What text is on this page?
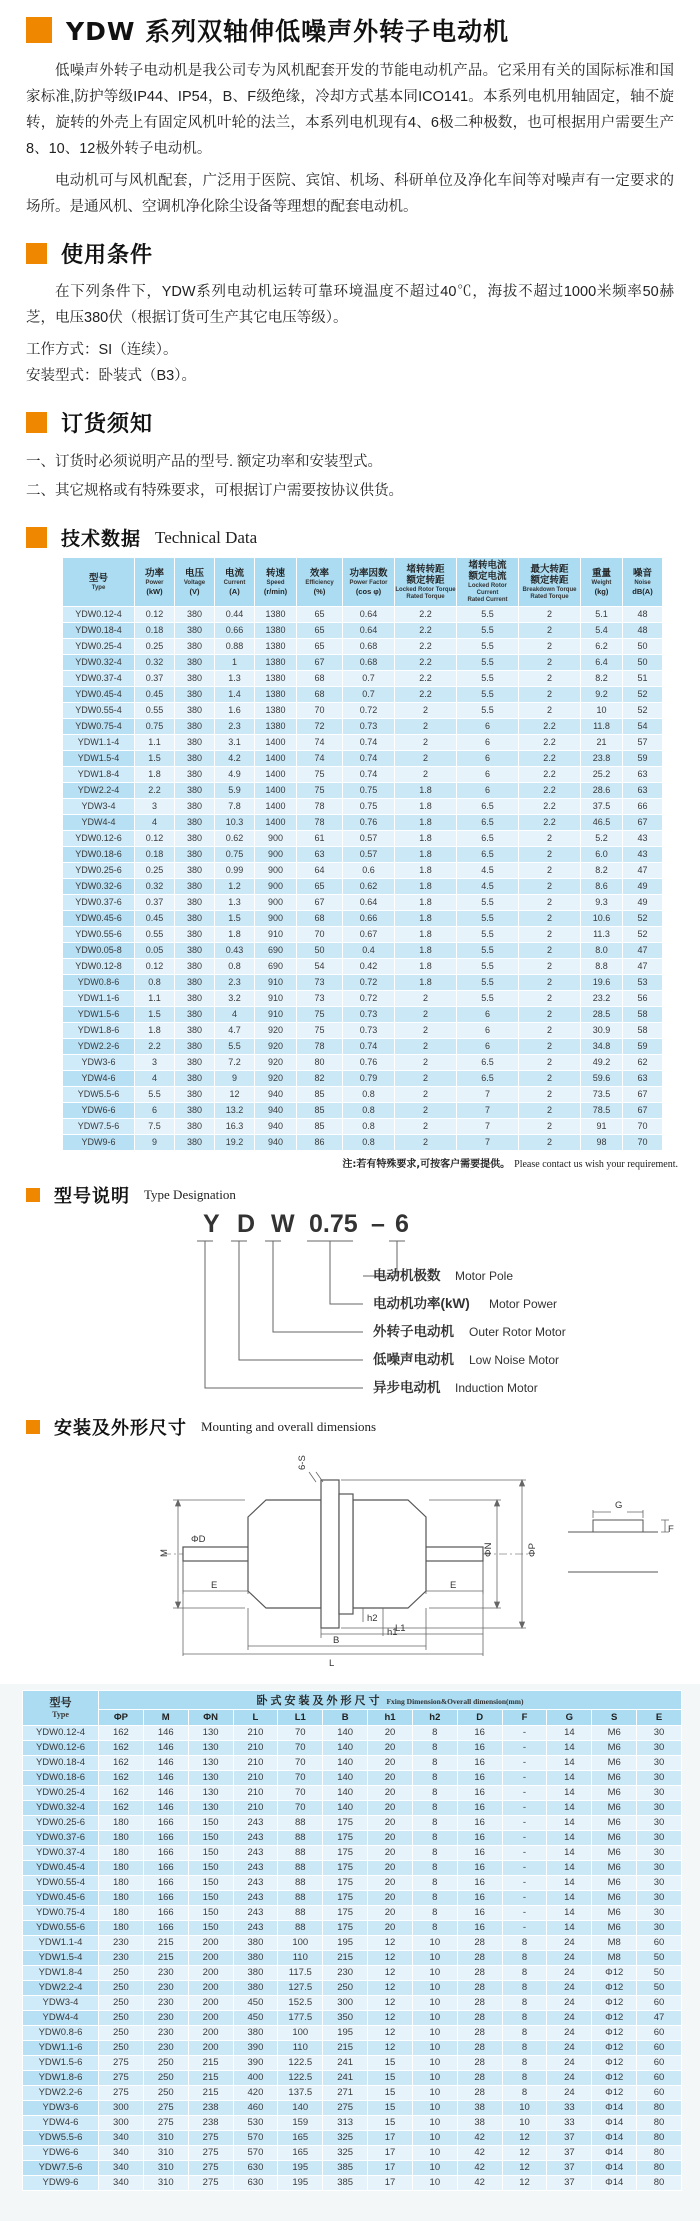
YDW 系列双轴伸低噪声外转子电动机

低噪声外转子电动机是我公司专为风机配套开发的节能电动机产品。它采用有关的国际标准和国家标准,防护等级IP44、IP54，B、F级绝缘，冷却方式基本同ICO141。本系列电机用轴固定，轴不旋转，旋转的外壳上有固定风机叶轮的法兰，本系列电机现有4、6极二种极数，也可根据用户需要生产8、10、12极外转子电动机。

电动机可与风机配套，广泛用于医院、宾馆、机场、科研单位及净化车间等对噪声有一定要求的场所。是通风机、空调机净化除尘设备等理想的配套电动机。

使用条件

在下列条件下，YDW系列电动机运转可靠环境温度不超过40℃，海拔不超过1000米频率50赫芝，电压380伏（根据订货可生产其它电压等级）。

工作方式：SI（连续）。

安装型式：卧装式（B3）。

订货须知

一、订货时必须说明产品的型号. 额定功率和安装型式。

二、其它规格或有特殊要求，可根据订户需要按协议供货。

技术数据 Technical Data
型号
Type

功率
Power
(kW)

电压
Voltage
(V)

电流
Current
(A)

转速
Speed
(r/min)

效率
Efficiency
(%)

功率因数
Power Factor
(cos φ)

堵转转距
额定转距
Locked Rotor Torque
Rated Torque

堵转电流
额定电流
Locked Rotor Current
Rated Current

最大转距
额定转距
Breakdown Torque
Rated Torque

重量
Weight
(kg)

噪音
Noise
dB(A)

YDW0.12-4	0.12	380	0.44	1380	65	0.64	2.2	5.5	2	5.1	48
YDW0.18-4	0.18	380	0.66	1380	65	0.64	2.2	5.5	2	5.4	48
YDW0.25-4	0.25	380	0.88	1380	65	0.68	2.2	5.5	2	6.2	50
YDW0.32-4	0.32	380	1	1380	67	0.68	2.2	5.5	2	6.4	50
YDW0.37-4	0.37	380	1.3	1380	68	0.7	2.2	5.5	2	8.2	51
YDW0.45-4	0.45	380	1.4	1380	68	0.7	2.2	5.5	2	9.2	52
YDW0.55-4	0.55	380	1.6	1380	70	0.72	2	5.5	2	10	52
YDW0.75-4	0.75	380	2.3	1380	72	0.73	2	6	2.2	11.8	54
YDW1.1-4	1.1	380	3.1	1400	74	0.74	2	6	2.2	21	57
YDW1.5-4	1.5	380	4.2	1400	74	0.74	2	6	2.2	23.8	59
YDW1.8-4	1.8	380	4.9	1400	75	0.74	2	6	2.2	25.2	63
YDW2.2-4	2.2	380	5.9	1400	75	0.75	1.8	6	2.2	28.6	63
YDW3-4	3	380	7.8	1400	78	0.75	1.8	6.5	2.2	37.5	66
YDW4-4	4	380	10.3	1400	78	0.76	1.8	6.5	2.2	46.5	67
YDW0.12-6	0.12	380	0.62	900	61	0.57	1.8	6.5	2	5.2	43
YDW0.18-6	0.18	380	0.75	900	63	0.57	1.8	6.5	2	6.0	43
YDW0.25-6	0.25	380	0.99	900	64	0.6	1.8	4.5	2	8.2	47
YDW0.32-6	0.32	380	1.2	900	65	0.62	1.8	4.5	2	8.6	49
YDW0.37-6	0.37	380	1.3	900	67	0.64	1.8	5.5	2	9.3	49
YDW0.45-6	0.45	380	1.5	900	68	0.66	1.8	5.5	2	10.6	52
YDW0.55-6	0.55	380	1.8	910	70	0.67	1.8	5.5	2	11.3	52
YDW0.05-8	0.05	380	0.43	690	50	0.4	1.8	5.5	2	8.0	47
YDW0.12-8	0.12	380	0.8	690	54	0.42	1.8	5.5	2	8.8	47
YDW0.8-6	0.8	380	2.3	910	73	0.72	1.8	5.5	2	19.6	53
YDW1.1-6	1.1	380	3.2	910	73	0.72	2	5.5	2	23.2	56
YDW1.5-6	1.5	380	4	910	75	0.73	2	6	2	28.5	58
YDW1.8-6	1.8	380	4.7	920	75	0.73	2	6	2	30.9	58
YDW2.2-6	2.2	380	5.5	920	78	0.74	2	6	2	34.8	59
YDW3-6	3	380	7.2	920	80	0.76	2	6.5	2	49.2	62
YDW4-6	4	380	9	920	82	0.79	2	6.5	2	59.6	63
YDW5.5-6	5.5	380	12	940	85	0.8	2	7	2	73.5	67
YDW6-6	6	380	13.2	940	85	0.8	2	7	2	78.5	67
YDW7.5-6	7.5	380	16.3	940	85	0.8	2	7	2	91	70
YDW9-6	9	380	19.2	940	86	0.8	2	7	2	98	70

注:若有特殊要求,可按客户需要提供。 Please contact us wish your requirement.

型号说明 Type Designation
Y D W 0.75 – 6
电动机极数 Motor Pole
电动机功率(kW) Motor Power
外转子电动机 Outer Rotor Motor
低噪声电动机 Low Noise Motor
异步电动机 Induction Motor
安装及外形尺寸 Mounting and overall dimensions
6-S
M
ΦD
ΦN	ΦP
E	E
h2
h1
L1
B
L
G
F
型号
Type	卧式安装及外形尺寸 Fxing Dimension&Overall dimension(mm)												
	ΦP	M	ΦN	L	L1	B	h1	h2	D	F	G	S	E
YDW0.12-4	162	146	130	210	70	140	20	8	16	-	14	M6	30
YDW0.12-6	162	146	130	210	70	140	20	8	16	-	14	M6	30
YDW0.18-4	162	146	130	210	70	140	20	8	16	-	14	M6	30
YDW0.18-6	162	146	130	210	70	140	20	8	16	-	14	M6	30
YDW0.25-4	162	146	130	210	70	140	20	8	16	-	14	M6	30
YDW0.32-4	162	146	130	210	70	140	20	8	16	-	14	M6	30
YDW0.25-6	180	166	150	243	88	175	20	8	16	-	14	M6	30
YDW0.37-6	180	166	150	243	88	175	20	8	16	-	14	M6	30
YDW0.37-4	180	166	150	243	88	175	20	8	16	-	14	M6	30
YDW0.45-4	180	166	150	243	88	175	20	8	16	-	14	M6	30
YDW0.55-4	180	166	150	243	88	175	20	8	16	-	14	M6	30
YDW0.45-6	180	166	150	243	88	175	20	8	16	-	14	M6	30
YDW0.75-4	180	166	150	243	88	175	20	8	16	-	14	M6	30
YDW0.55-6	180	166	150	243	88	175	20	8	16	-	14	M6	30
YDW1.1-4	230	215	200	380	100	195	12	10	28	8	24	M8	60
YDW1.5-4	230	215	200	380	110	215	12	10	28	8	24	M8	50
YDW1.8-4	250	230	200	380	117.5	230	12	10	28	8	24	Φ12	50
YDW2.2-4	250	230	200	380	127.5	250	12	10	28	8	24	Φ12	50
YDW3-4	250	230	200	450	152.5	300	12	10	28	8	24	Φ12	60
YDW4-4	250	230	200	450	177.5	350	12	10	28	8	24	Φ12	47
YDW0.8-6	250	230	200	380	100	195	12	10	28	8	24	Φ12	60
YDW1.1-6	250	230	200	390	110	215	12	10	28	8	24	Φ12	60
YDW1.5-6	275	250	215	390	122.5	241	15	10	28	8	24	Φ12	60
YDW1.8-6	275	250	215	400	122.5	241	15	10	28	8	24	Φ12	60
YDW2.2-6	275	250	215	420	137.5	271	15	10	28	8	24	Φ12	60
YDW3-6	300	275	238	460	140	275	15	10	38	10	33	Φ14	80
YDW4-6	300	275	238	530	159	313	15	10	38	10	33	Φ14	80
YDW5.5-6	340	310	275	570	165	325	17	10	42	12	37	Φ14	80
YDW6-6	340	310	275	570	165	325	17	10	42	12	37	Φ14	80
YDW7.5-6	340	310	275	630	195	385	17	10	42	12	37	Φ14	80
YDW9-6	340	310	275	630	195	385	17	10	42	12	37	Φ14	80
